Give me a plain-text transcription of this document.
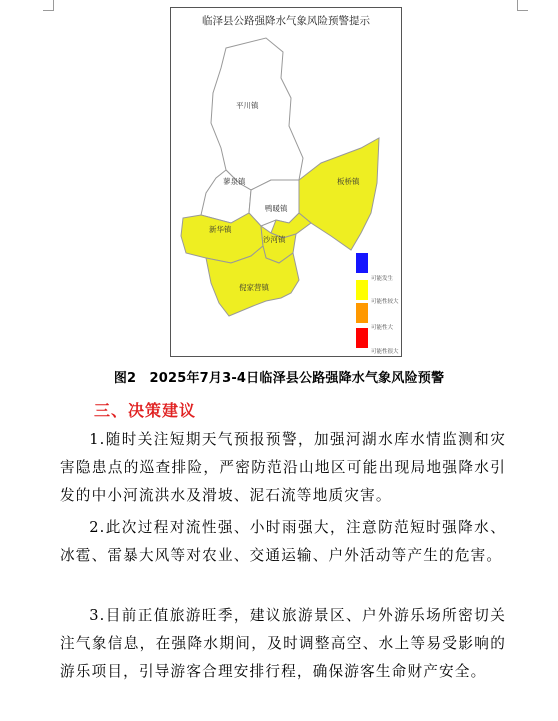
临泽县公路强降水气象风险预警提示
平川镇
蓼泉镇	板桥镇
鸭暖镇
新华镇
沙河镇
倪家营镇
可能发生
可能性较大
可能性大
可能性很大
图2　2025年7月3-4日临泽县公路强降水气象风险预警
三、决策建议

1.随时关注短期天气预报预警，加强河湖水库水情监测和灾害隐患点的巡查排险，严密防范沿山地区可能出现局地强降水引发的中小河流洪水及滑坡、泥石流等地质灾害。

2.此次过程对流性强、小时雨强大，注意防范短时强降水、冰雹、雷暴大风等对农业、交通运输、户外活动等产生的危害。

3.目前正值旅游旺季，建议旅游景区、户外游乐场所密切关注气象信息，在强降水期间，及时调整高空、水上等易受影响的游乐项目，引导游客合理安排行程，确保游客生命财产安全。
